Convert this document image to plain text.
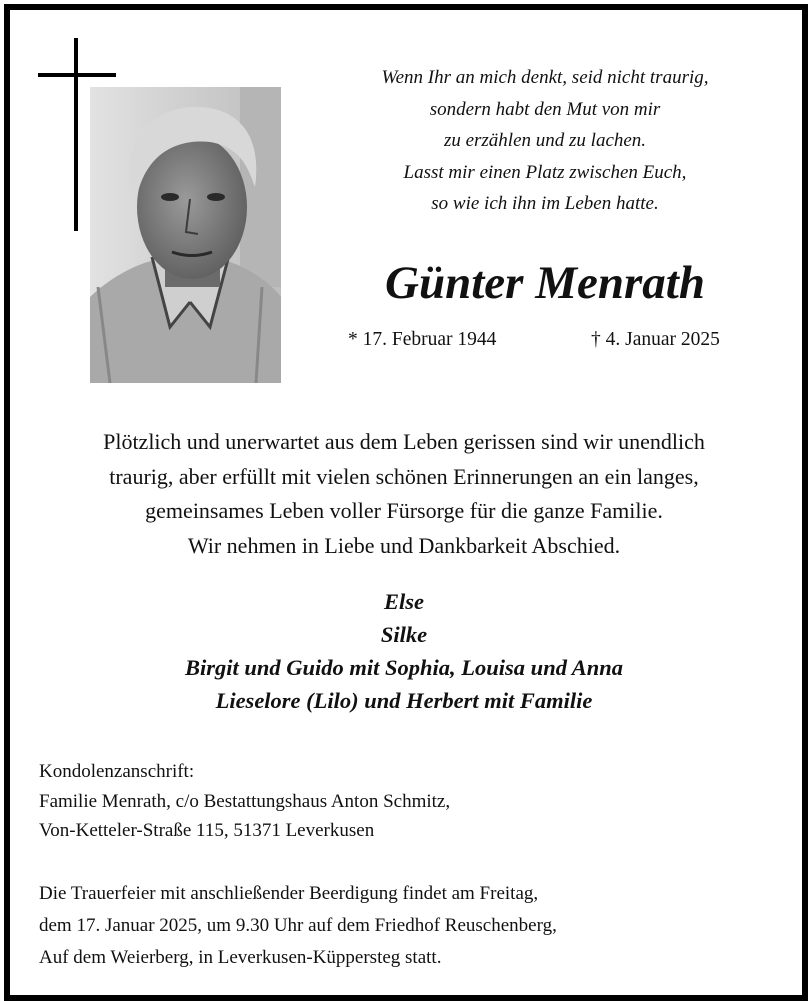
Wenn Ihr an mich denkt, seid nicht traurig,
sondern habt den Mut von mir
zu erzählen und zu lachen.
Lasst mir einen Platz zwischen Euch,
so wie ich ihn im Leben hatte.
Günter Menrath
* 17. Februar 1944	† 4. Januar 2025
Plötzlich und unerwartet aus dem Leben gerissen sind wir unendlich
traurig, aber erfüllt mit vielen schönen Erinnerungen an ein langes,
gemeinsames Leben voller Fürsorge für die ganze Familie.
Wir nehmen in Liebe und Dankbarkeit Abschied.
Else
Silke
Birgit und Guido mit Sophia, Louisa und Anna
Lieselore (Lilo) und Herbert mit Familie
Kondolenzanschrift:
Familie Menrath, c/o Bestattungshaus Anton Schmitz,
Von-Ketteler-Straße 115, 51371 Leverkusen
Die Trauerfeier mit anschließender Beerdigung findet am Freitag,
dem 17. Januar 2025, um 9.30 Uhr auf dem Friedhof Reuschenberg,
Auf dem Weierberg, in Leverkusen-Küppersteg statt.
